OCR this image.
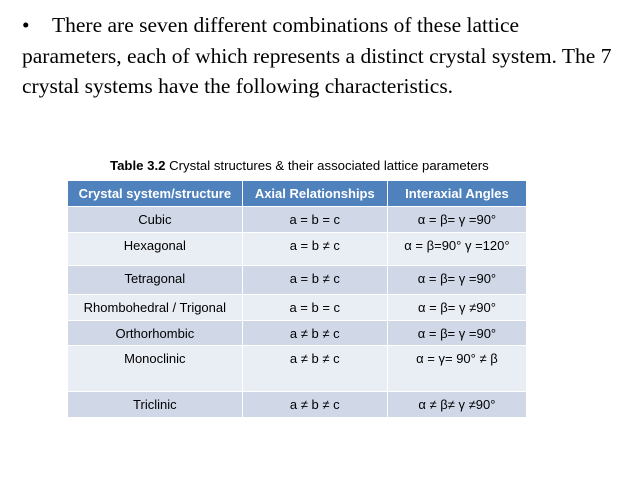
• There are seven different combinations of these lattice parameters, each of which represents a distinct crystal system. The 7 crystal systems have the following characteristics.
Table 3.2 Crystal structures & their associated lattice parameters
Crystal system/structure	Axial Relationships	Interaxial Angles
Cubic	a = b = c	α = β= γ =90°
Hexagonal	a = b ≠ c	α = β=90° γ =120°
Tetragonal	a = b ≠ c	α = β= γ =90°
Rhombohedral / Trigonal	a = b = c	α = β= γ ≠90°
Orthorhombic	a ≠ b ≠ c	α = β= γ =90°
Monoclinic	a ≠ b ≠ c	α = γ= 90° ≠ β
Triclinic	a ≠ b ≠ c	α ≠ β≠ γ ≠90°
